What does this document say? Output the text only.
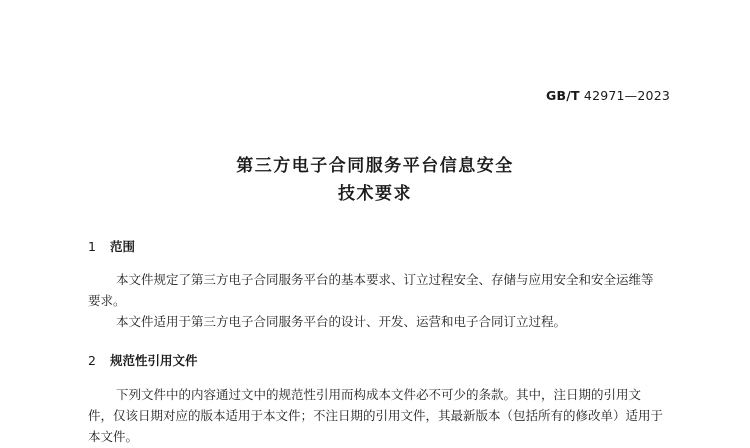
GB/T 42971—2023
第三方电子合同服务平台信息安全
技术要求
1 范围
本文件规定了第三方电子合同服务平台的基本要求、订立过程安全、存储与应用安全和安全运维等
要求。
本文件适用于第三方电子合同服务平台的设计、开发、运营和电子合同订立过程。
2 规范性引用文件
下列文件中的内容通过文中的规范性引用而构成本文件必不可少的条款。其中，注日期的引用文
件，仅该日期对应的版本适用于本文件；不注日期的引用文件，其最新版本（包括所有的修改单）适用于
本文件。
